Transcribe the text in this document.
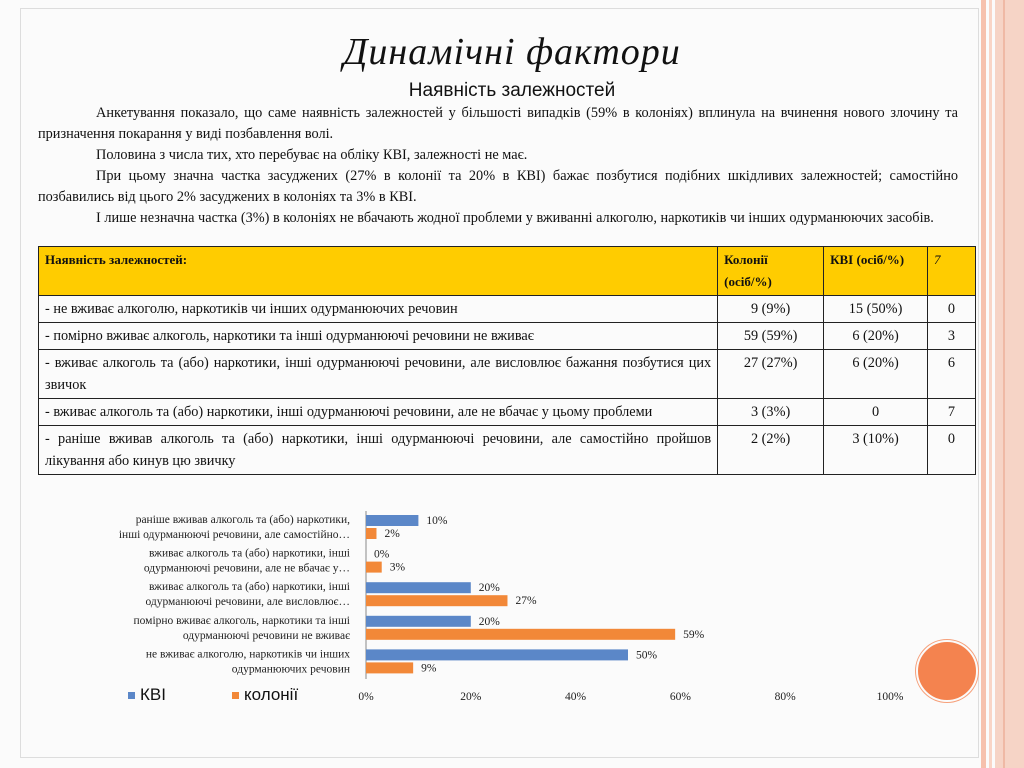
Динамічні фактори
Наявність залежностей

Анкетування показало, що саме наявність залежностей у більшості випадків (59% в колоніях) вплинула на вчинення нового злочину та призначення покарання у виді позбавлення волі.

Половина з числа тих, хто перебуває на обліку КВІ, залежності не має.

При цьому значна частка засуджених (27% в колонії та 20% в КВІ) бажає позбутися подібних шкідливих залежностей; самостійно позбавились від цього 2% засуджених в колоніях та 3% в КВІ.

І лише незначна частка (3%) в колоніях не вбачають жодної проблеми у вживанні алкоголю, наркотиків чи інших одурманюючих засобів.

Наявність залежностей:	Колонії (осіб/%)	КВІ (осіб/%)	7
- не вживає алкоголю, наркотиків чи інших одурманюючих речовин	9 (9%)	15 (50%)	0
- помірно вживає алкоголь, наркотики та інші одурманюючі речовини не вживає	59 (59%)	6 (20%)	3
- вживає алкоголь та (або) наркотики, інші одурманюючі речовини, але висловлює бажання позбутися цих звичок	27 (27%)	6 (20%)	6
- вживає алкоголь та (або) наркотики, інші одурманюючі речовини, але не вбачає у цьому проблеми	3 (3%)	0	7
- раніше вживав алкоголь та (або) наркотики, інші одурманюючі речовини, але самостійно пройшов лікування або кинув цю звичку	2 (2%)	3 (10%)	0
раніше вживав алкоголь та (або) наркотики, інші одурманюючі речовини, але самостійно…
10%
2%
вживає алкоголь та (або) наркотики, інші одурманюючі речовини, але не вбачає у…
0%
3%
вживає алкоголь та (або) наркотики, інші одурманюючі речовини, але висловлює…
20%
27%
помірно вживає алкоголь, наркотики та інші одурманюючі речовини не вживає
20%
59%
не вживає алкоголю, наркотиків чи інших одурманюючих речовин
50%
9%
0%	20%	40%	60%	80%	100%
КВІ	колонії
